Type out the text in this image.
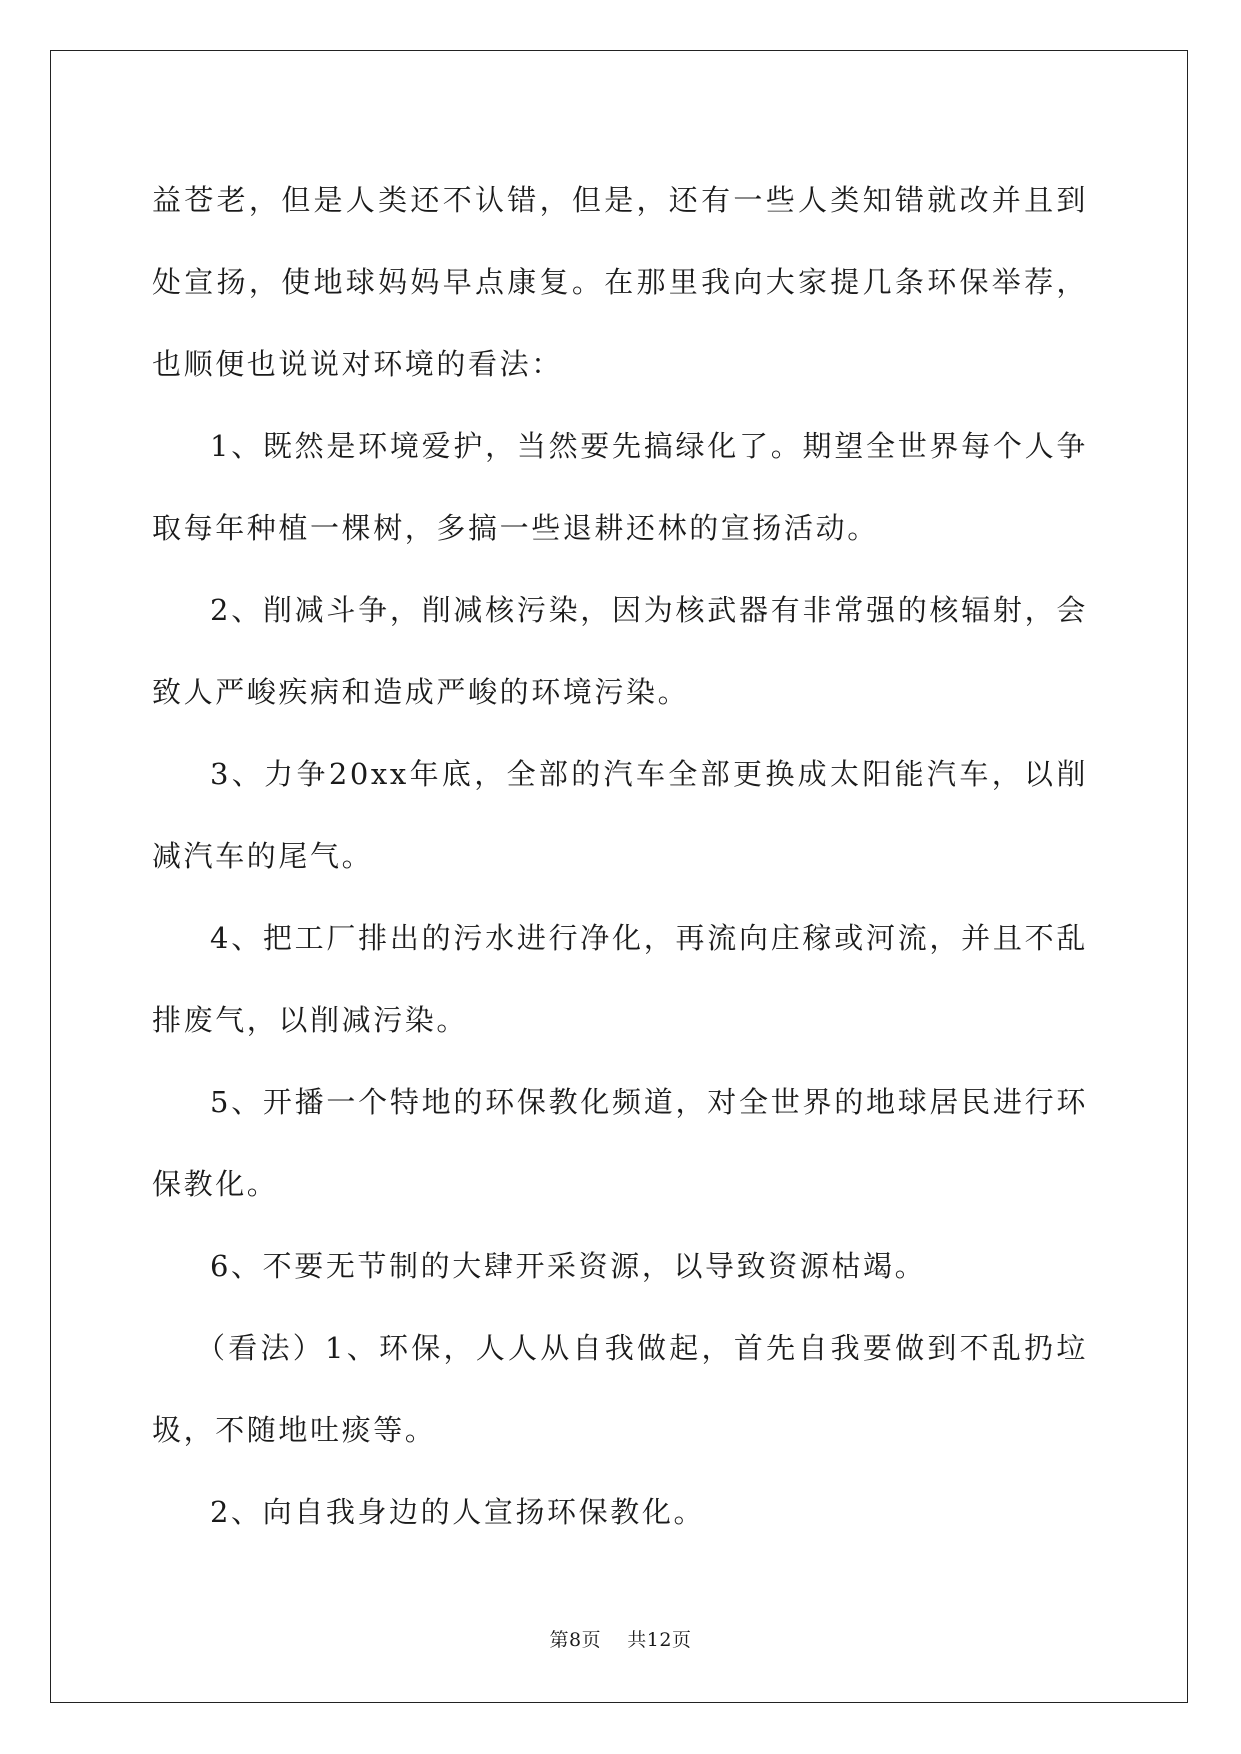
益苍老，但是人类还不认错，但是，还有一些人类知错就改并且到处宣扬，使地球妈妈早点康复。在那里我向大家提几条环保举荐，也顺便也说说对环境的看法：

1、既然是环境爱护，当然要先搞绿化了。期望全世界每个人争取每年种植一棵树，多搞一些退耕还林的宣扬活动。

2、削减斗争，削减核污染，因为核武器有非常强的核辐射，会致人严峻疾病和造成严峻的环境污染。

3、力争20xx年底，全部的汽车全部更换成太阳能汽车，以削减汽车的尾气。

4、把工厂排出的污水进行净化，再流向庄稼或河流，并且不乱排废气，以削减污染。

5、开播一个特地的环保教化频道，对全世界的地球居民进行环保教化。

6、不要无节制的大肆开采资源，以导致资源枯竭。

（看法）1、环保，人人从自我做起，首先自我要做到不乱扔垃圾，不随地吐痰等。

2、向自我身边的人宣扬环保教化。

第8页 共12页
